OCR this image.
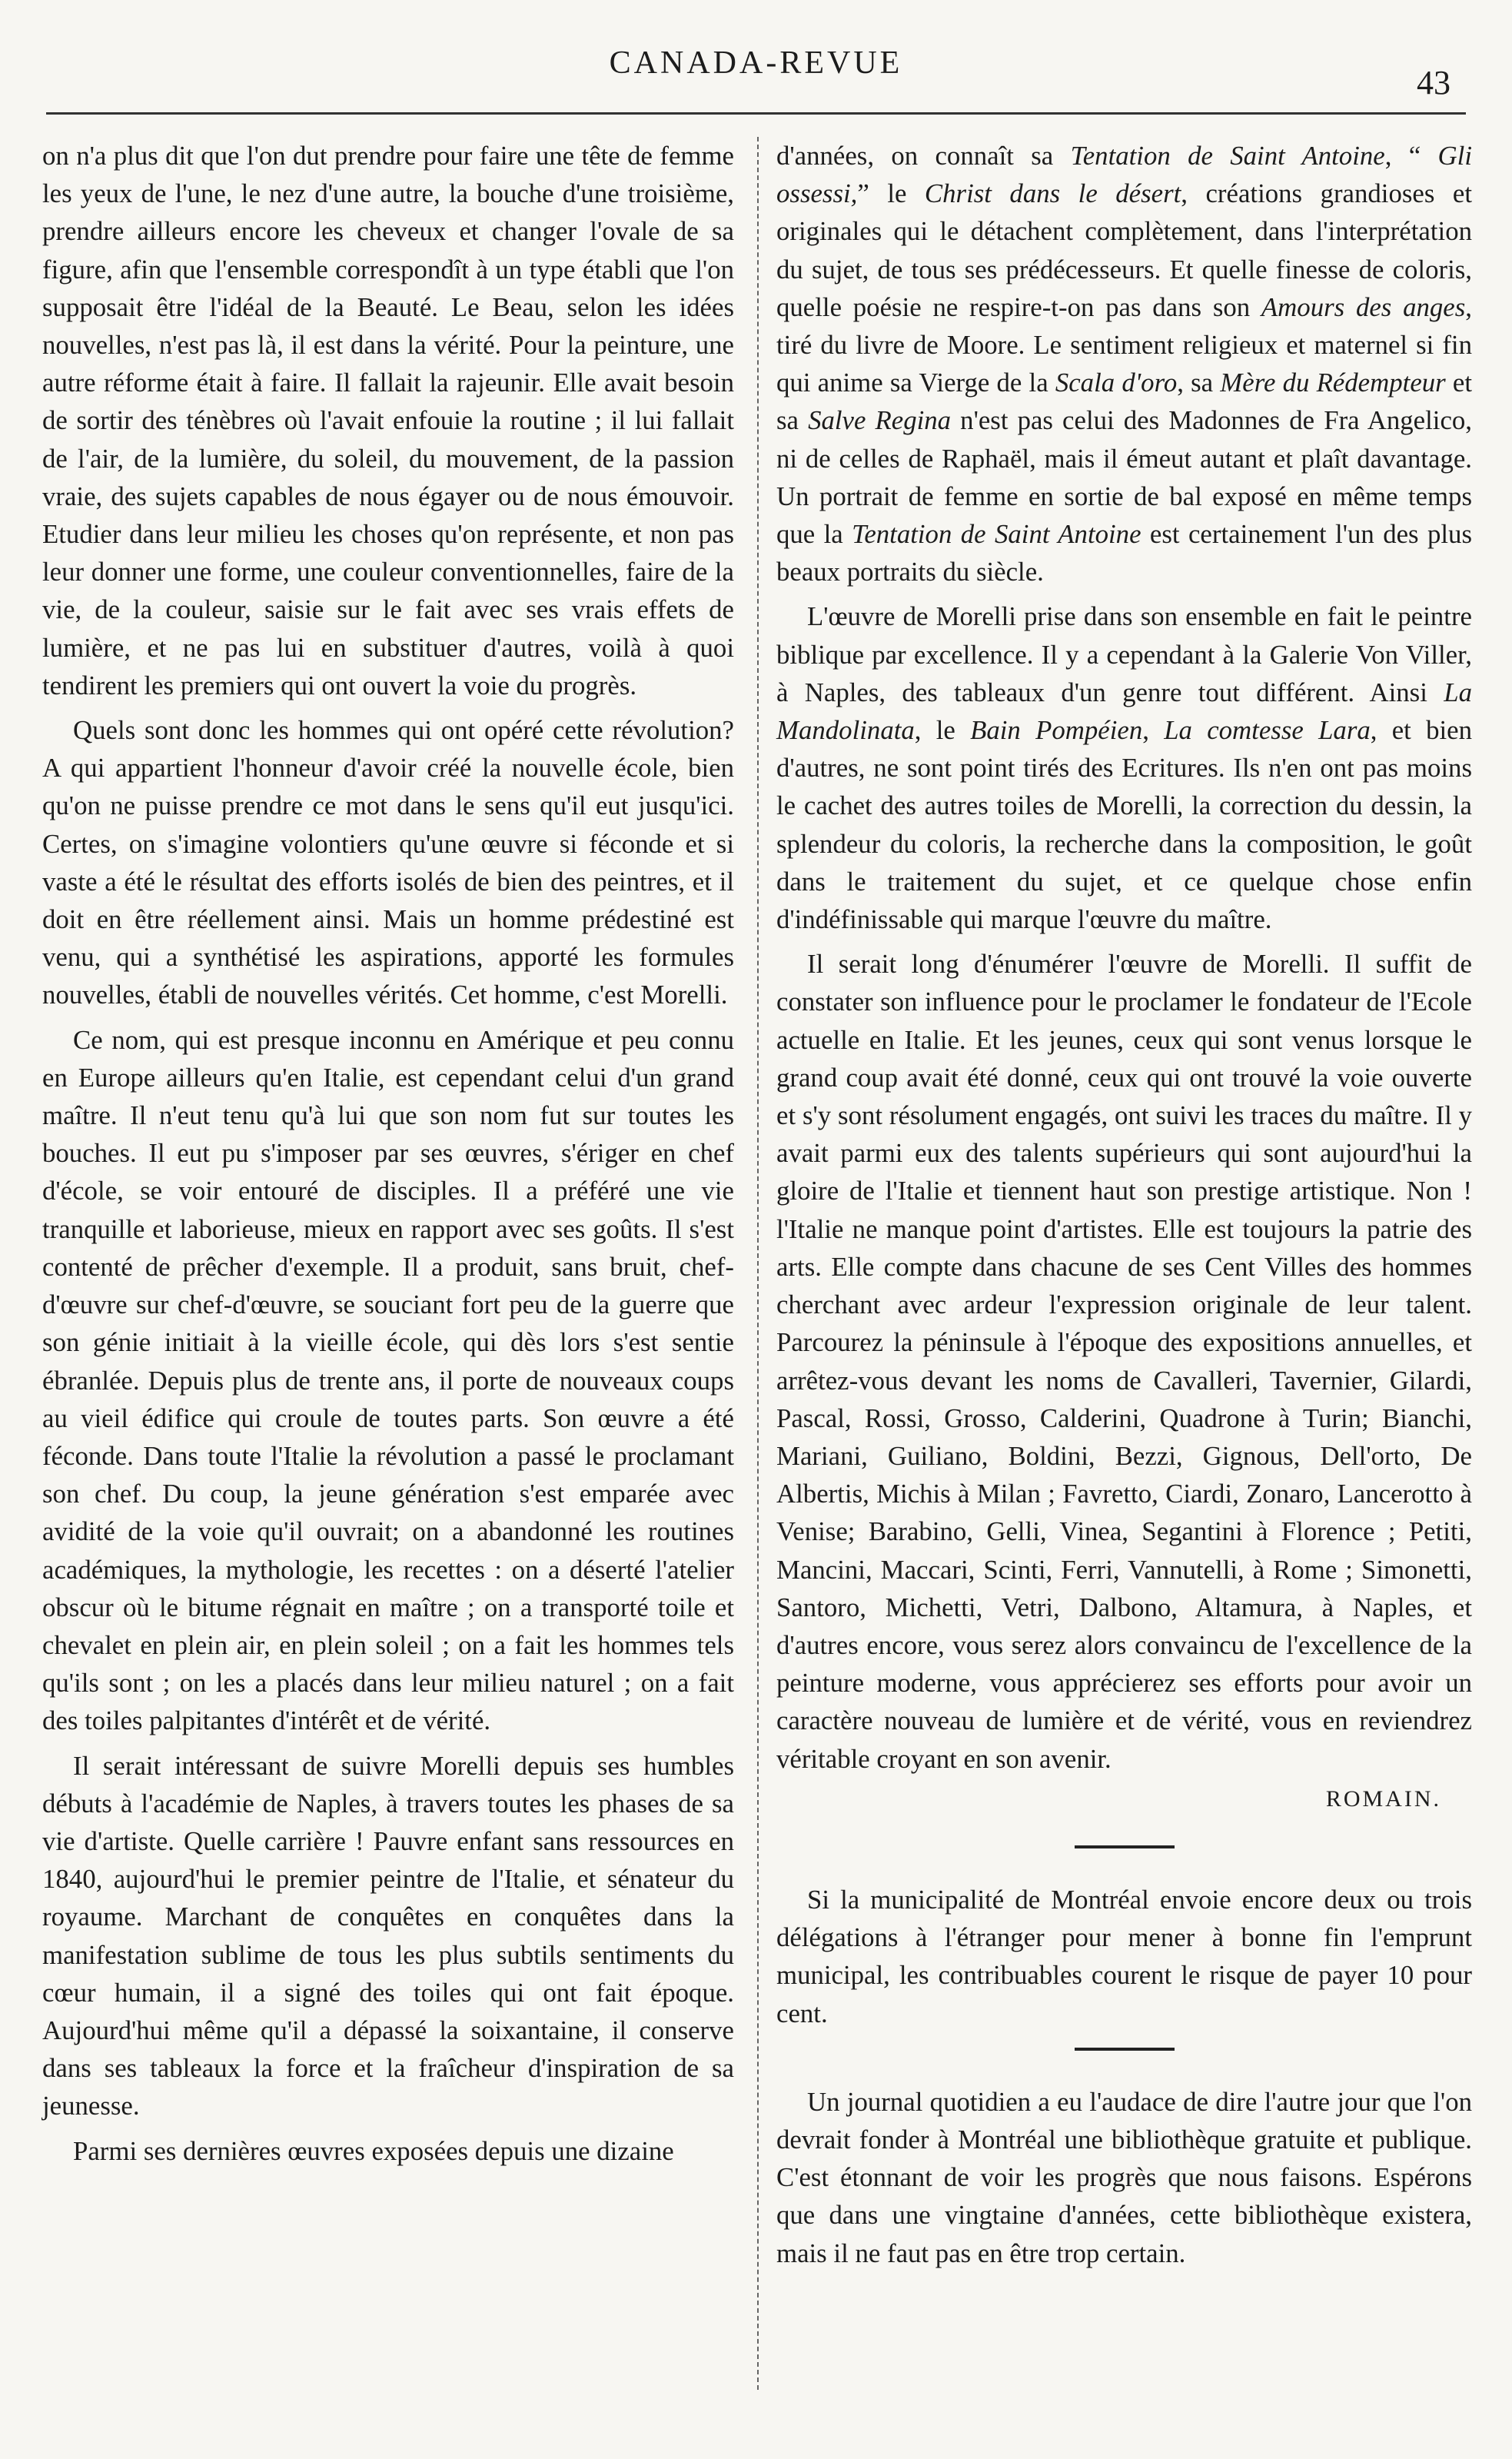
CANADA-REVUE
43

on n'a plus dit que l'on dut prendre pour faire une tête de femme les yeux de l'une, le nez d'une autre, la bouche d'une troisième, prendre ailleurs encore les cheveux et changer l'ovale de sa figure, afin que l'ensemble correspondît à un type établi que l'on supposait être l'idéal de la Beauté. Le Beau, selon les idées nouvelles, n'est pas là, il est dans la vérité. Pour la peinture, une autre réforme était à faire. Il fallait la rajeunir. Elle avait besoin de sortir des ténèbres où l'avait enfouie la routine ; il lui fallait de l'air, de la lumière, du soleil, du mouvement, de la passion vraie, des sujets capables de nous égayer ou de nous émouvoir. Etudier dans leur milieu les choses qu'on représente, et non pas leur donner une forme, une couleur conventionnelles, faire de la vie, de la couleur, saisie sur le fait avec ses vrais effets de lumière, et ne pas lui en substituer d'autres, voilà à quoi tendirent les premiers qui ont ouvert la voie du progrès.

Quels sont donc les hommes qui ont opéré cette révolution? A qui appartient l'honneur d'avoir créé la nouvelle école, bien qu'on ne puisse prendre ce mot dans le sens qu'il eut jusqu'ici. Certes, on s'imagine volontiers qu'une œuvre si féconde et si vaste a été le résultat des efforts isolés de bien des peintres, et il doit en être réellement ainsi. Mais un homme prédestiné est venu, qui a synthétisé les aspirations, apporté les formules nouvelles, établi de nouvelles vérités. Cet homme, c'est Morelli.

Ce nom, qui est presque inconnu en Amérique et peu connu en Europe ailleurs qu'en Italie, est cependant celui d'un grand maître. Il n'eut tenu qu'à lui que son nom fut sur toutes les bouches. Il eut pu s'imposer par ses œuvres, s'ériger en chef d'école, se voir entouré de disciples. Il a préféré une vie tranquille et laborieuse, mieux en rapport avec ses goûts. Il s'est contenté de prêcher d'exemple. Il a produit, sans bruit, chef-d'œuvre sur chef-d'œuvre, se souciant fort peu de la guerre que son génie initiait à la vieille école, qui dès lors s'est sentie ébranlée. Depuis plus de trente ans, il porte de nouveaux coups au vieil édifice qui croule de toutes parts. Son œuvre a été féconde. Dans toute l'Italie la révolution a passé le proclamant son chef. Du coup, la jeune génération s'est emparée avec avidité de la voie qu'il ouvrait; on a abandonné les routines académiques, la mythologie, les recettes : on a déserté l'atelier obscur où le bitume régnait en maître ; on a transporté toile et chevalet en plein air, en plein soleil ; on a fait les hommes tels qu'ils sont ; on les a placés dans leur milieu naturel ; on a fait des toiles palpitantes d'intérêt et de vérité.

Il serait intéressant de suivre Morelli depuis ses humbles débuts à l'académie de Naples, à travers toutes les phases de sa vie d'artiste. Quelle carrière ! Pauvre enfant sans ressources en 1840, aujourd'hui le premier peintre de l'Italie, et sénateur du royaume. Marchant de conquêtes en conquêtes dans la manifestation sublime de tous les plus subtils sentiments du cœur humain, il a signé des toiles qui ont fait époque. Aujourd'hui même qu'il a dépassé la soixantaine, il conserve dans ses tableaux la force et la fraîcheur d'inspiration de sa jeunesse.

Parmi ses dernières œuvres exposées depuis une dizaine

d'années, on connaît sa Tentation de Saint Antoine, “ Gli ossessi,” le Christ dans le désert, créations grandioses et originales qui le détachent complètement, dans l'interprétation du sujet, de tous ses prédécesseurs. Et quelle finesse de coloris, quelle poésie ne respire-t-on pas dans son Amours des anges, tiré du livre de Moore. Le sentiment religieux et maternel si fin qui anime sa Vierge de la Scala d'oro, sa Mère du Rédempteur et sa Salve Regina n'est pas celui des Madonnes de Fra Angelico, ni de celles de Raphaël, mais il émeut autant et plaît davantage. Un portrait de femme en sortie de bal exposé en même temps que la Tentation de Saint Antoine est certainement l'un des plus beaux portraits du siècle.

L'œuvre de Morelli prise dans son ensemble en fait le peintre biblique par excellence. Il y a cependant à la Galerie Von Viller, à Naples, des tableaux d'un genre tout différent. Ainsi La Mandolinata, le Bain Pompéien, La comtesse Lara, et bien d'autres, ne sont point tirés des Ecritures. Ils n'en ont pas moins le cachet des autres toiles de Morelli, la correction du dessin, la splendeur du coloris, la recherche dans la composition, le goût dans le traitement du sujet, et ce quelque chose enfin d'indéfinissable qui marque l'œuvre du maître.

Il serait long d'énumérer l'œuvre de Morelli. Il suffit de constater son influence pour le proclamer le fondateur de l'Ecole actuelle en Italie. Et les jeunes, ceux qui sont venus lorsque le grand coup avait été donné, ceux qui ont trouvé la voie ouverte et s'y sont résolument engagés, ont suivi les traces du maître. Il y avait parmi eux des talents supérieurs qui sont aujourd'hui la gloire de l'Italie et tiennent haut son prestige artistique. Non ! l'Italie ne manque point d'artistes. Elle est toujours la patrie des arts. Elle compte dans chacune de ses Cent Villes des hommes cherchant avec ardeur l'expression originale de leur talent. Parcourez la péninsule à l'époque des expositions annuelles, et arrêtez-vous devant les noms de Cavalleri, Tavernier, Gilardi, Pascal, Rossi, Grosso, Calderini, Quadrone à Turin; Bianchi, Mariani, Guiliano, Boldini, Bezzi, Gignous, Dell'orto, De Albertis, Michis à Milan ; Favretto, Ciardi, Zonaro, Lancerotto à Venise; Barabino, Gelli, Vinea, Segantini à Florence ; Petiti, Mancini, Maccari, Scinti, Ferri, Vannutelli, à Rome ; Simonetti, Santoro, Michetti, Vetri, Dalbono, Altamura, à Naples, et d'autres encore, vous serez alors convaincu de l'excellence de la peinture moderne, vous apprécierez ses efforts pour avoir un caractère nouveau de lumière et de vérité, vous en reviendrez véritable croyant en son avenir.

ROMAIN.

Si la municipalité de Montréal envoie encore deux ou trois délégations à l'étranger pour mener à bonne fin l'emprunt municipal, les contribuables courent le risque de payer 10 pour cent.

Un journal quotidien a eu l'audace de dire l'autre jour que l'on devrait fonder à Montréal une bibliothèque gratuite et publique. C'est étonnant de voir les progrès que nous faisons. Espérons que dans une vingtaine d'années, cette bibliothèque existera, mais il ne faut pas en être trop certain.
